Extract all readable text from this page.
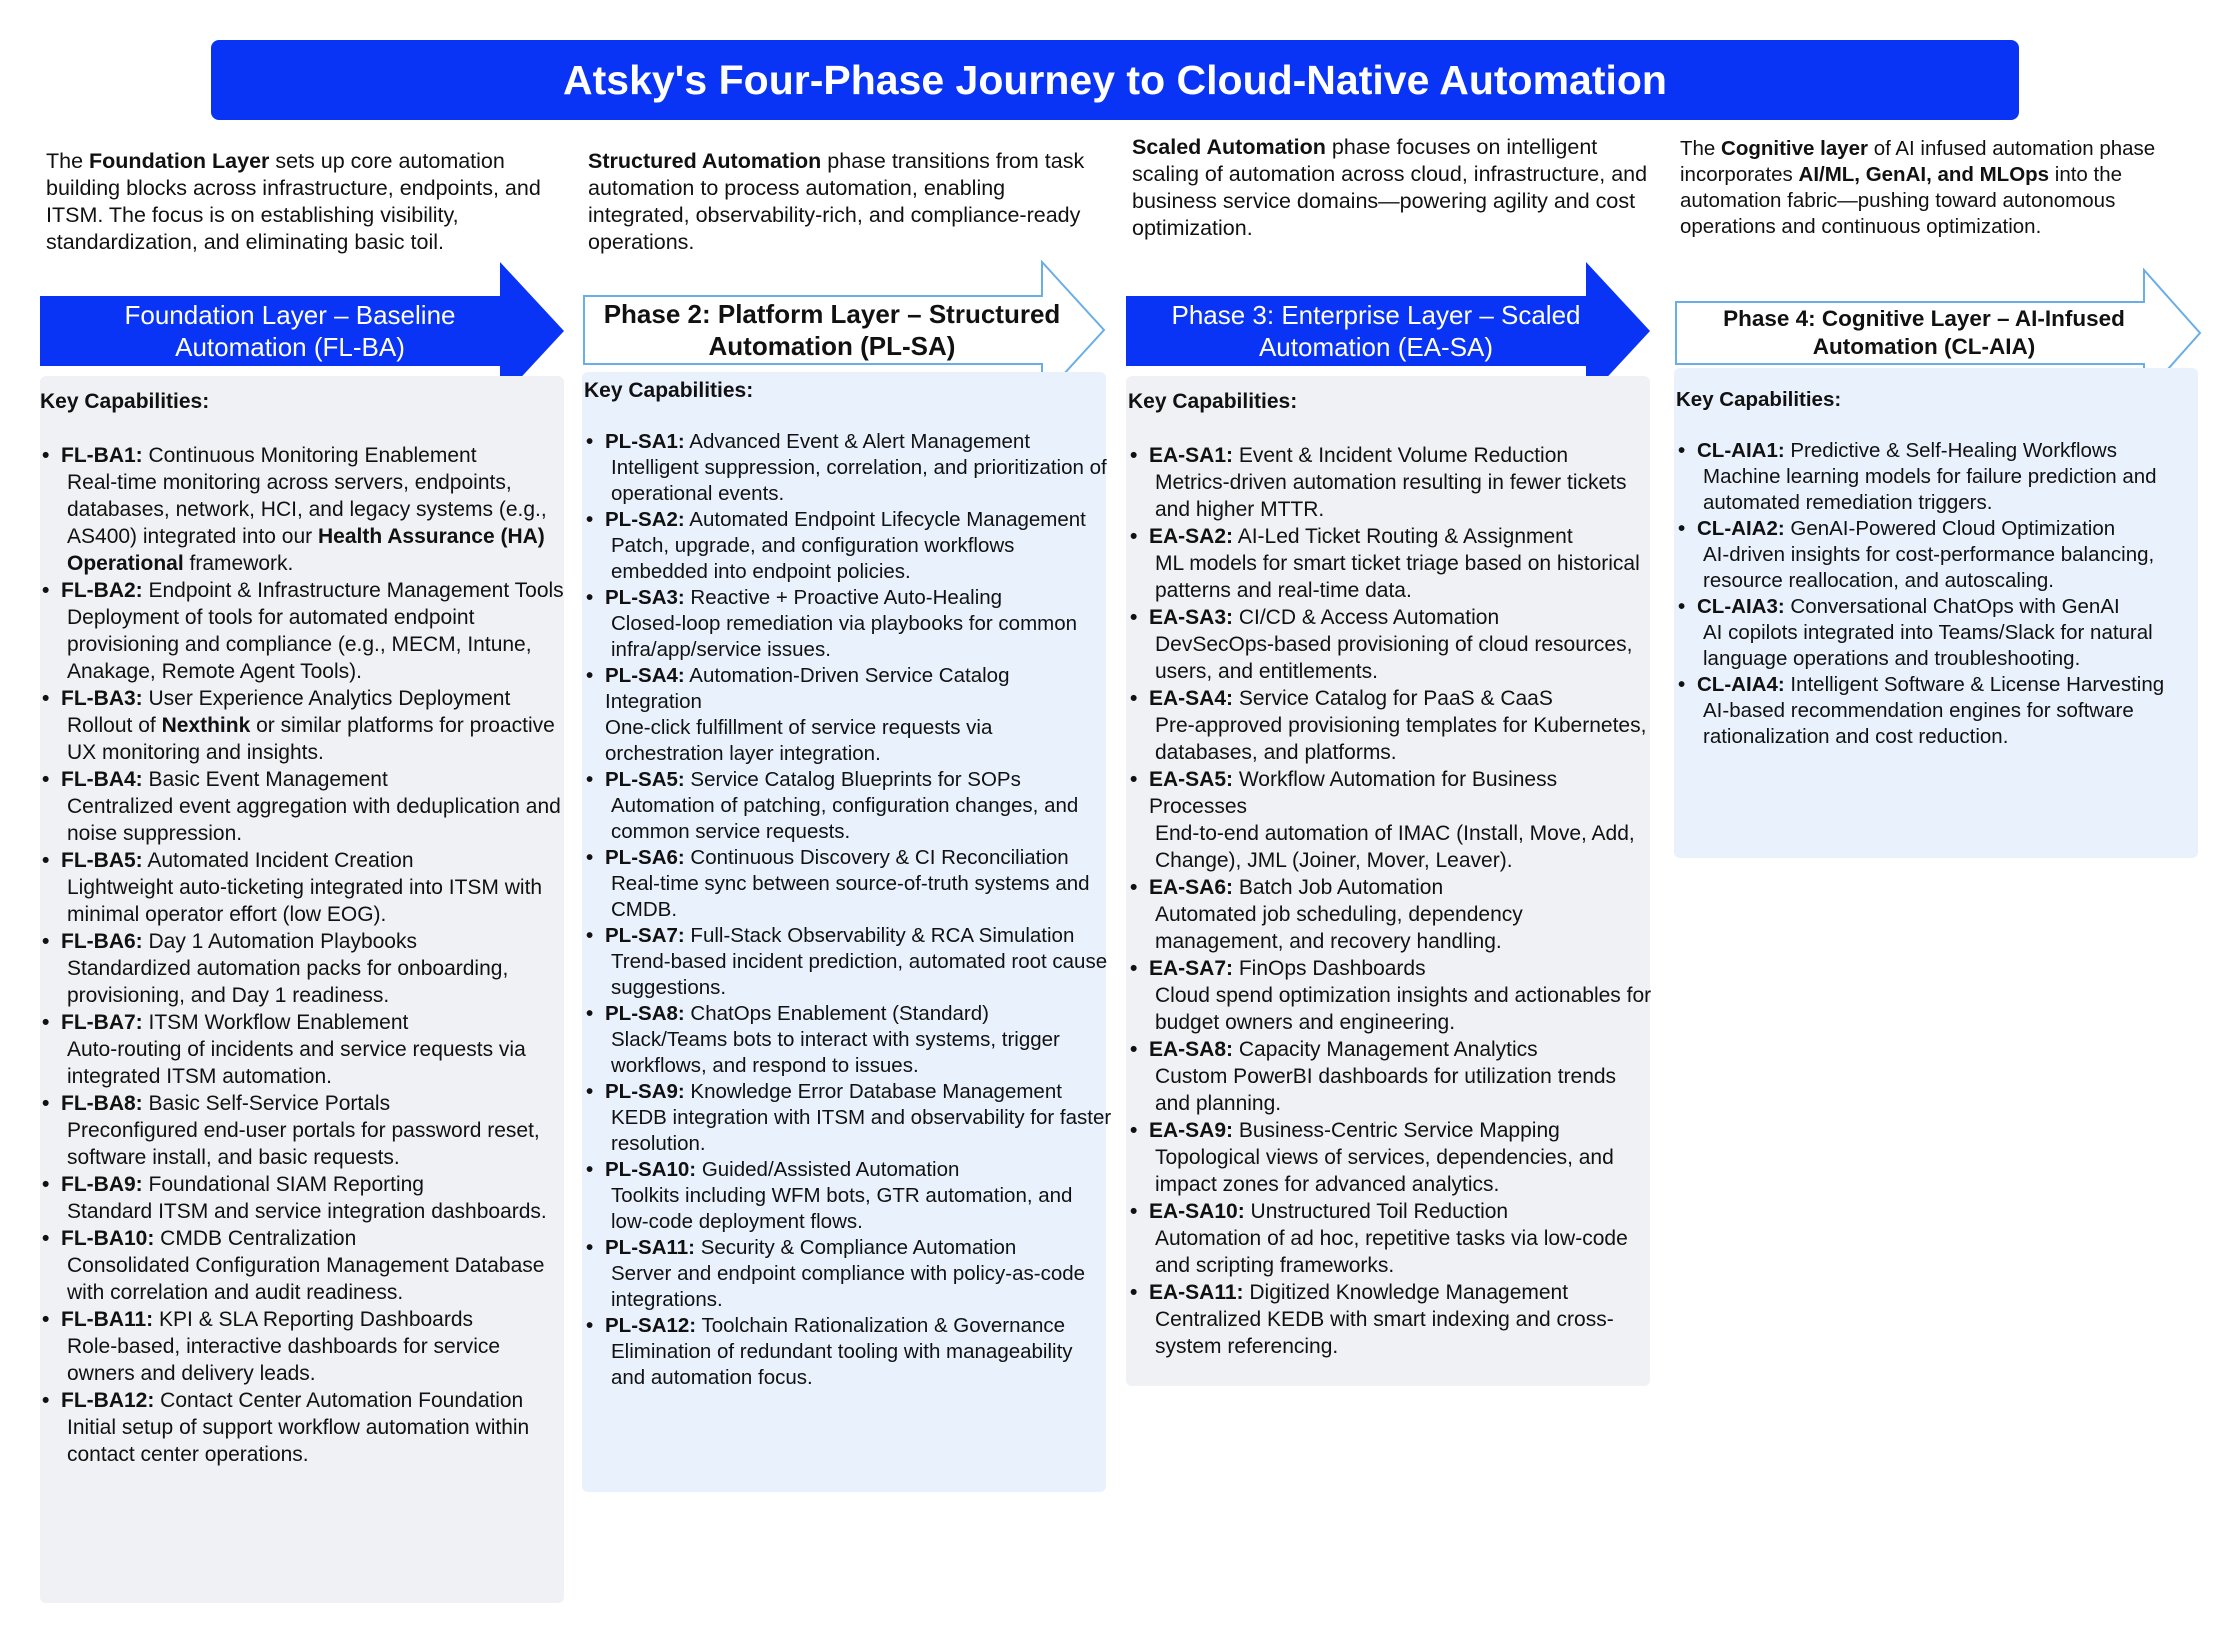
Atsky's Four-Phase Journey to Cloud-Native Automation
The Foundation Layer sets up core automation building blocks across infrastructure, endpoints, and ITSM. The focus is on establishing visibility, standardization, and eliminating basic toil.
Foundation Layer – Baseline
Automation (FL-BA)
Key Capabilities:
• FL-BA1: Continuous Monitoring Enablement
Real-time monitoring across servers, endpoints, databases, network, HCI, and legacy systems (e.g., AS400) integrated into our Health Assurance (HA) Operational framework.
• FL-BA2: Endpoint & Infrastructure Management Tools
Deployment of tools for automated endpoint provisioning and compliance (e.g., MECM, Intune, Anakage, Remote Agent Tools).
• FL-BA3: User Experience Analytics Deployment
Rollout of Nexthink or similar platforms for proactive UX monitoring and insights.
• FL-BA4: Basic Event Management
Centralized event aggregation with deduplication and noise suppression.
• FL-BA5: Automated Incident Creation
Lightweight auto-ticketing integrated into ITSM with minimal operator effort (low EOG).
• FL-BA6: Day 1 Automation Playbooks
Standardized automation packs for onboarding, provisioning, and Day 1 readiness.
• FL-BA7: ITSM Workflow Enablement
Auto-routing of incidents and service requests via integrated ITSM automation.
• FL-BA8: Basic Self-Service Portals
Preconfigured end-user portals for password reset, software install, and basic requests.
• FL-BA9: Foundational SIAM Reporting
Standard ITSM and service integration dashboards.
• FL-BA10: CMDB Centralization
Consolidated Configuration Management Database with correlation and audit readiness.
• FL-BA11: KPI & SLA Reporting Dashboards
Role-based, interactive dashboards for service owners and delivery leads.
• FL-BA12: Contact Center Automation Foundation
Initial setup of support workflow automation within contact center operations.
Structured Automation phase transitions from task automation to process automation, enabling integrated, observability-rich, and compliance-ready operations.
Phase 2: Platform Layer – Structured
Automation (PL-SA)
Key Capabilities:
• PL-SA1: Advanced Event & Alert Management
Intelligent suppression, correlation, and prioritization of operational events.
• PL-SA2: Automated Endpoint Lifecycle Management
Patch, upgrade, and configuration workflows embedded into endpoint policies.
• PL-SA3: Reactive + Proactive Auto-Healing
Closed-loop remediation via playbooks for common infra/app/service issues.
• PL-SA4: Automation-Driven Service Catalog Integration
One-click fulfillment of service requests via orchestration layer integration.
• PL-SA5: Service Catalog Blueprints for SOPs
Automation of patching, configuration changes, and common service requests.
• PL-SA6: Continuous Discovery & CI Reconciliation
Real-time sync between source-of-truth systems and CMDB.
• PL-SA7: Full-Stack Observability & RCA Simulation
Trend-based incident prediction, automated root cause suggestions.
• PL-SA8: ChatOps Enablement (Standard)
Slack/Teams bots to interact with systems, trigger workflows, and respond to issues.
• PL-SA9: Knowledge Error Database Management
KEDB integration with ITSM and observability for faster resolution.
• PL-SA10: Guided/Assisted Automation
Toolkits including WFM bots, GTR automation, and low-code deployment flows.
• PL-SA11: Security & Compliance Automation
Server and endpoint compliance with policy-as-code integrations.
• PL-SA12: Toolchain Rationalization & Governance
Elimination of redundant tooling with manageability and automation focus.
Scaled Automation phase focuses on intelligent scaling of automation across cloud, infrastructure, and business service domains—powering agility and cost optimization.
Phase 3: Enterprise Layer – Scaled
Automation (EA-SA)
Key Capabilities:
• EA-SA1: Event & Incident Volume Reduction
Metrics-driven automation resulting in fewer tickets and higher MTTR.
• EA-SA2: AI-Led Ticket Routing & Assignment
ML models for smart ticket triage based on historical patterns and real-time data.
• EA-SA3: CI/CD & Access Automation
DevSecOps-based provisioning of cloud resources, users, and entitlements.
• EA-SA4: Service Catalog for PaaS & CaaS
Pre-approved provisioning templates for Kubernetes, databases, and platforms.
• EA-SA5: Workflow Automation for Business Processes
End-to-end automation of IMAC (Install, Move, Add, Change), JML (Joiner, Mover, Leaver).
• EA-SA6: Batch Job Automation
Automated job scheduling, dependency management, and recovery handling.
• EA-SA7: FinOps Dashboards
Cloud spend optimization insights and actionables for budget owners and engineering.
• EA-SA8: Capacity Management Analytics
Custom PowerBI dashboards for utilization trends and planning.
• EA-SA9: Business-Centric Service Mapping
Topological views of services, dependencies, and impact zones for advanced analytics.
• EA-SA10: Unstructured Toil Reduction
Automation of ad hoc, repetitive tasks via low-code and scripting frameworks.
• EA-SA11: Digitized Knowledge Management
Centralized KEDB with smart indexing and cross-system referencing.
The Cognitive layer of AI infused automation phase incorporates AI/ML, GenAI, and MLOps into the automation fabric—pushing toward autonomous operations and continuous optimization.
Phase 4: Cognitive Layer – AI-Infused
Automation (CL-AIA)
Key Capabilities:
• CL-AIA1: Predictive & Self-Healing Workflows
Machine learning models for failure prediction and automated remediation triggers.
• CL-AIA2: GenAI-Powered Cloud Optimization
AI-driven insights for cost-performance balancing, resource reallocation, and autoscaling.
• CL-AIA3: Conversational ChatOps with GenAI
AI copilots integrated into Teams/Slack for natural language operations and troubleshooting.
• CL-AIA4: Intelligent Software & License Harvesting
AI-based recommendation engines for software rationalization and cost reduction.
